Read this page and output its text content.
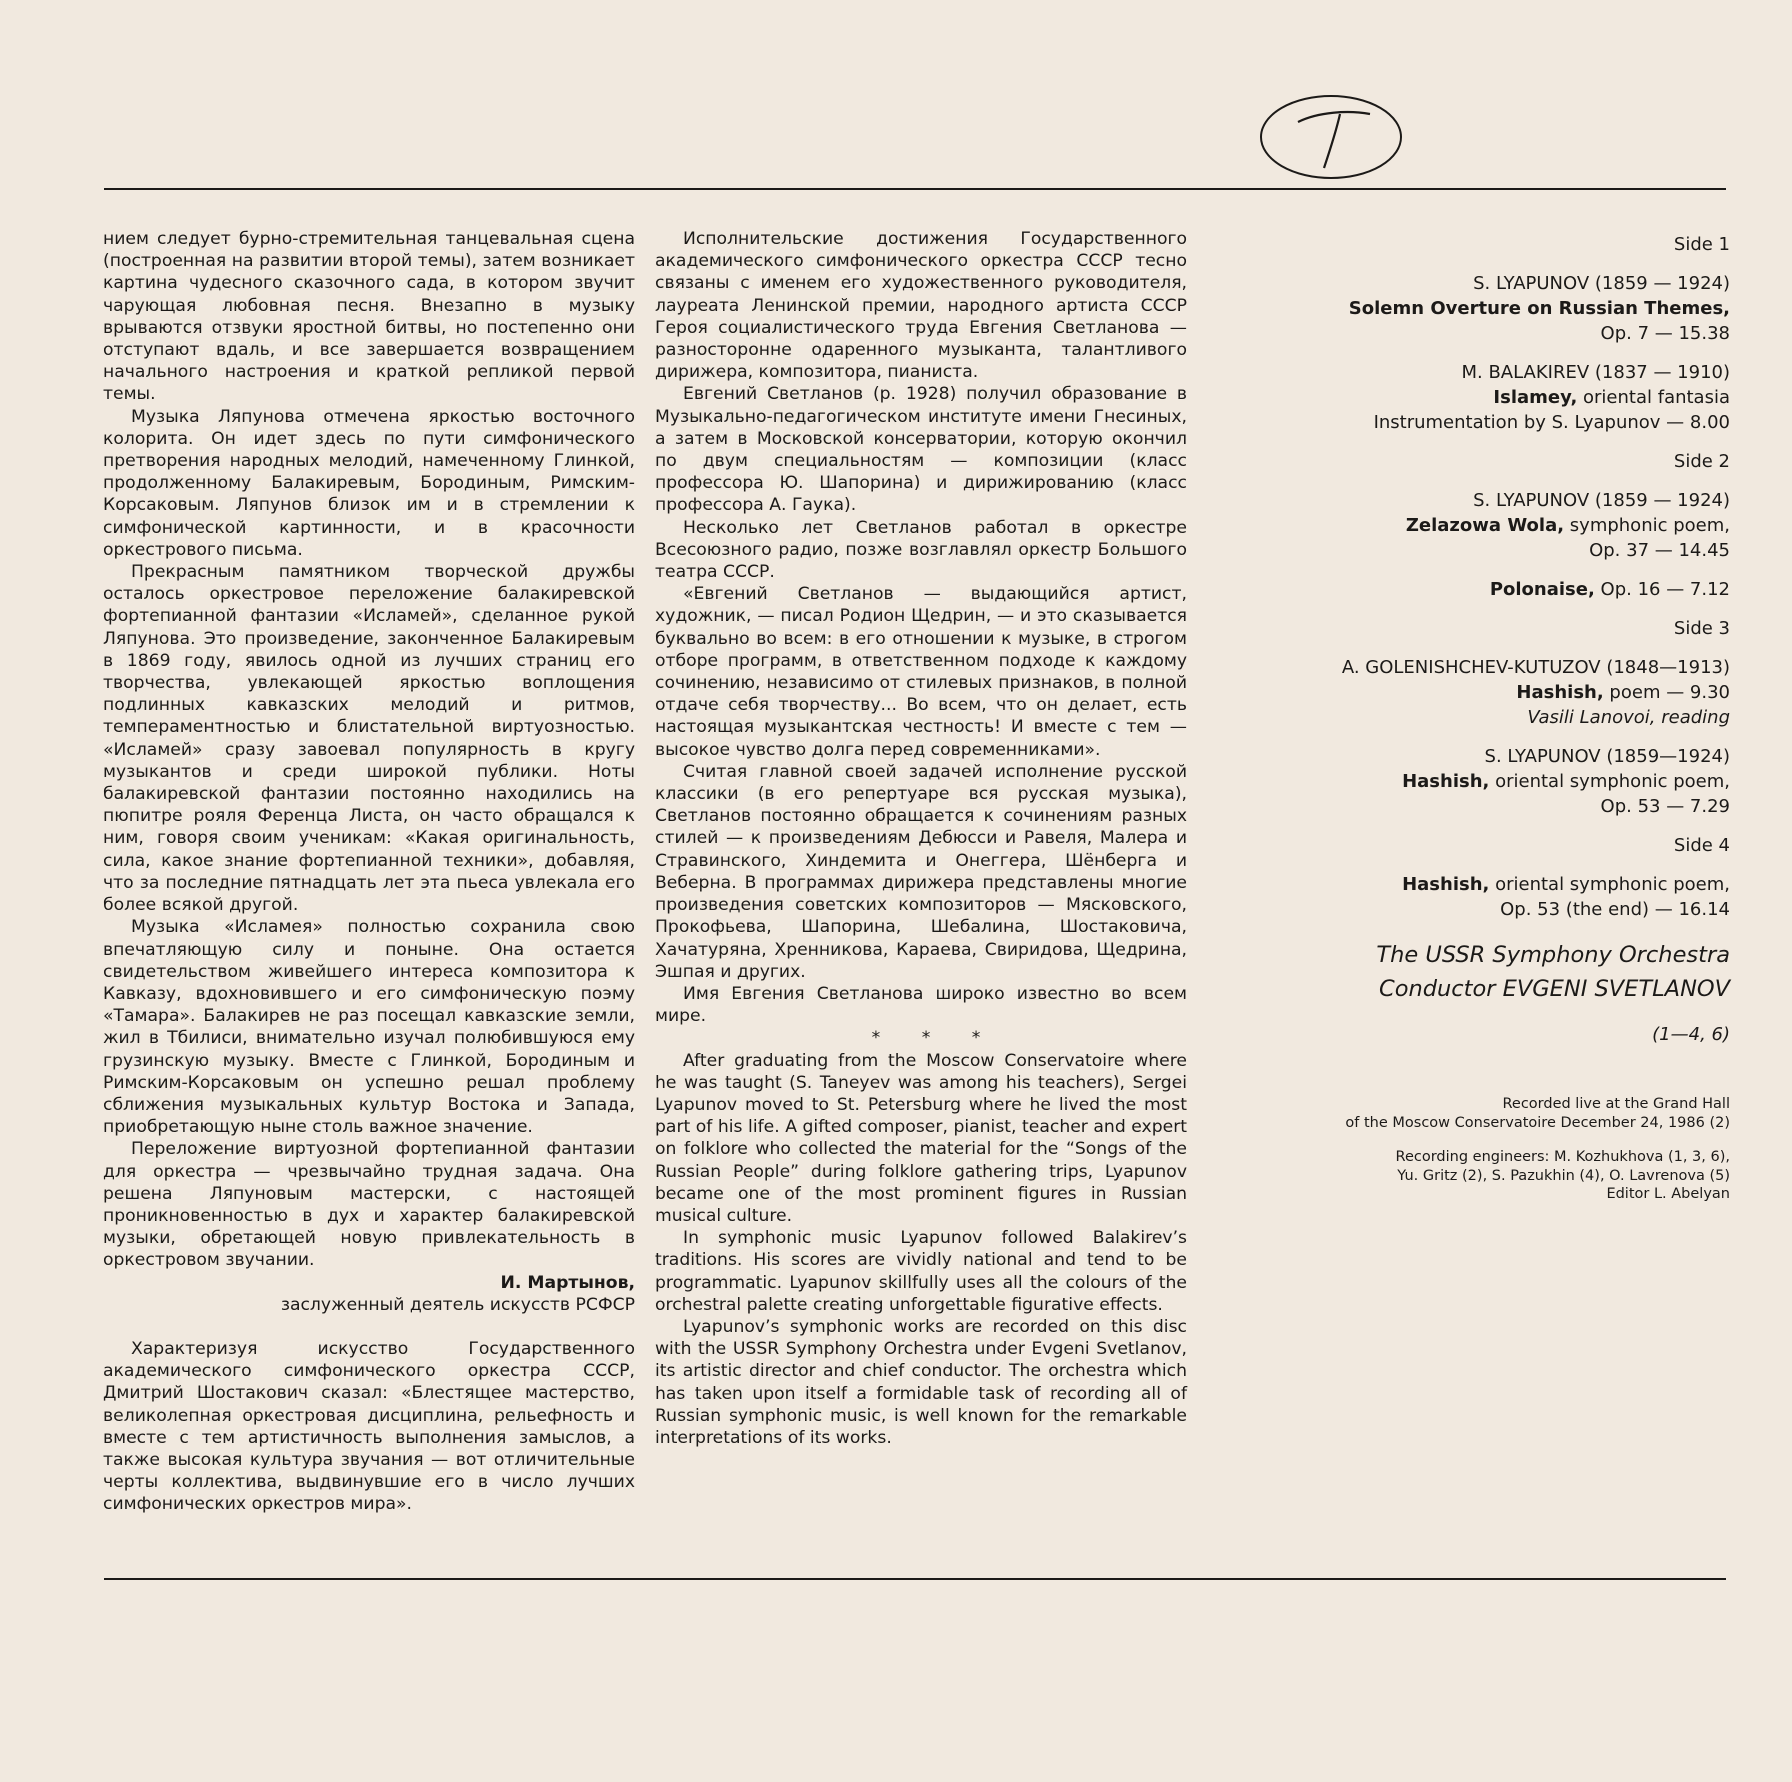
7

нием следует бурно-стремительная танцевальная сцена (построенная на развитии второй темы), затем возникает картина чудесного сказочного сада, в котором звучит чарующая любовная песня. Внезапно в музыку врываются отзвуки яростной битвы, но постепенно они отступают вдаль, и все завершается возвращением начального настроения и краткой репликой первой темы.

Музыка Ляпунова отмечена яркостью восточного колорита. Он идет здесь по пути симфонического претворения народных мелодий, намеченному Глинкой, продолженному Балакиревым, Бородиным, Римским-Корсаковым. Ляпунов близок им и в стремлении к симфонической картинности, и в красочности оркестрового письма.

Прекрасным памятником творческой дружбы осталось оркестровое переложение балакиревской фортепианной фантазии «Исламей», сделанное рукой Ляпунова. Это произведение, законченное Балакиревым в 1869 году, явилось одной из лучших страниц его творчества, увлекающей яркостью воплощения подлинных кавказских мелодий и ритмов, темпераментностью и блистательной виртуозностью. «Исламей» сразу завоевал популярность в кругу музыкантов и среди широкой публики. Ноты балакиревской фантазии постоянно находились на пюпитре рояля Ференца Листа, он часто обращался к ним, говоря своим ученикам: «Какая оригинальность, сила, какое знание фортепианной техники», добавляя, что за последние пятнадцать лет эта пьеса увлекала его более всякой другой.

Музыка «Исламея» полностью сохранила свою впечатляющую силу и поныне. Она остается свидетельством живейшего интереса композитора к Кавказу, вдохновившего и его симфоническую поэму «Тамара». Балакирев не раз посещал кавказские земли, жил в Тбилиси, внимательно изучал полюбившуюся ему грузинскую музыку. Вместе с Глинкой, Бородиным и Римским-Корсаковым он успешно решал проблему сближения музыкальных культур Востока и Запада, приобретающую ныне столь важное значение.

Переложение виртуозной фортепианной фантазии для оркестра — чрезвычайно трудная задача. Она решена Ляпуновым мастерски, с настоящей проникновенностью в дух и характер балакиревской музыки, обретающей новую привлекательность в оркестровом звучании.

И. Мартынов,

заслуженный деятель искусств РСФСР

Характеризуя искусство Государственного академического симфонического оркестра СССР, Дмитрий Шостакович сказал: «Блестящее мастерство, великолепная оркестровая дисциплина, рельефность и вместе с тем артистичность выполнения замыслов, а также высокая культура звучания — вот отличительные черты коллектива, выдвинувшие его в число лучших симфонических оркестров мира».

Исполнительские достижения Государственного академического симфонического оркестра СССР тесно связаны с именем его художественного руководителя, лауреата Ленинской премии, народного артиста СССР Героя социалистического труда Евгения Светланова — разносторонне одаренного музыканта, талантливого дирижера, композитора, пианиста.

Евгений Светланов (р. 1928) получил образование в Музыкально-педагогическом институте имени Гнесиных, а затем в Московской консерватории, которую окончил по двум специальностям — композиции (класс профессора Ю. Шапорина) и дирижированию (класс профессора А. Гаука).

Несколько лет Светланов работал в оркестре Всесоюзного радио, позже возглавлял оркестр Большого театра СССР.

«Евгений Светланов — выдающийся артист, художник, — писал Родион Щедрин, — и это сказывается буквально во всем: в его отношении к музыке, в строгом отборе программ, в ответственном подходе к каждому сочинению, независимо от стилевых признаков, в полной отдаче себя творчеству... Во всем, что он делает, есть настоящая музыкантская честность! И вместе с тем — высокое чувство долга перед современниками».

Считая главной своей задачей исполнение русской классики (в его репертуаре вся русская музыка), Светланов постоянно обращается к сочинениям разных стилей — к произведениям Дебюсси и Равеля, Малера и Стравинского, Хиндемита и Онеггера, Шёнберга и Веберна. В программах дирижера представлены многие произведения советских композиторов — Мясковского, Прокофьева, Шапорина, Шебалина, Шостаковича, Хачатуряна, Хренникова, Караева, Свиридова, Щедрина, Эшпая и других.

Имя Евгения Светланова широко известно во всем мире.

* * *

After graduating from the Moscow Conservatoire where he was taught (S. Taneyev was among his teachers), Sergei Lyapunov moved to St. Petersburg where he lived the most part of his life. A gifted composer, pianist, teacher and expert on folklore who collected the material for the “Songs of the Russian People” during folklore gathering trips, Lyapunov became one of the most prominent figures in Russian musical culture.

In symphonic music Lyapunov followed Balakirev’s traditions. His scores are vividly national and tend to be programmatic. Lyapunov skillfully uses all the colours of the orchestral palette creating unforgettable figurative effects.

Lyapunov’s symphonic works are recorded on this disc with the USSR Symphony Orchestra under Evgeni Svetlanov, its artistic director and chief conductor. The orchestra which has taken upon itself a formidable task of recording all of Russian symphonic music, is well known for the remarkable interpretations of its works.

Side 1

S. LYAPUNOV (1859 — 1924)

Solemn Overture on Russian Themes,

Op. 7 — 15.38

M. BALAKIREV (1837 — 1910)

Islamey, oriental fantasia

Instrumentation by S. Lyapunov — 8.00

Side 2

S. LYAPUNOV (1859 — 1924)

Zelazowa Wola, symphonic poem,

Op. 37 — 14.45

Polonaise, Op. 16 — 7.12

Side 3

A. GOLENISHCHEV-KUTUZOV (1848—1913)

Hashish, poem — 9.30

Vasili Lanovoi, reading

S. LYAPUNOV (1859—1924)

Hashish, oriental symphonic poem,

Op. 53 — 7.29

Side 4

Hashish, oriental symphonic poem,

Op. 53 (the end) — 16.14

The USSR Symphony Orchestra
Conductor EVGENI SVETLANOV

(1—4, 6)

Recorded live at the Grand Hall

of the Moscow Conservatoire December 24, 1986 (2)

Recording engineers: M. Kozhukhova (1, 3, 6),

Yu. Gritz (2), S. Pazukhin (4), O. Lavrenova (5)

Editor L. Abelyan
